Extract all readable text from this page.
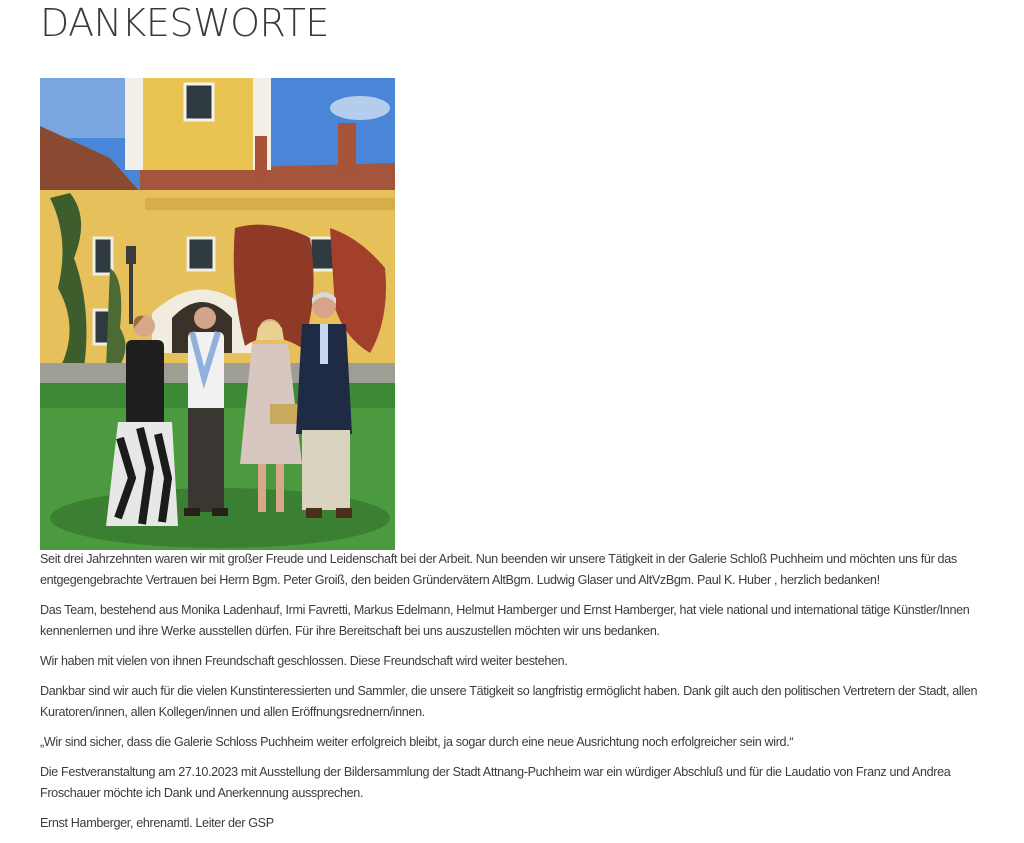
DANKESWORTE

Seit drei Jahrzehnten waren wir mit großer Freude und Leidenschaft bei der Arbeit. Nun beenden wir unsere Tätigkeit in der Galerie Schloß Puchheim und möchten uns für das entgegengebrachte Vertrauen bei Herrn Bgm. Peter Groiß, den beiden Gründervätern AltBgm. Ludwig Glaser und AltVzBgm. Paul K. Huber , herzlich bedanken!

Das Team, bestehend aus Monika Ladenhauf, Irmi Favretti, Markus Edelmann, Helmut Hamberger und Ernst Hamberger, hat viele national und international tätige Künstler/Innen kennenlernen und ihre Werke ausstellen dürfen. Für ihre Bereitschaft bei uns auszustellen möchten wir uns bedanken.

Wir haben mit vielen von ihnen Freundschaft geschlossen. Diese Freundschaft wird weiter bestehen.

Dankbar sind wir auch für die vielen Kunstinteressierten und Sammler, die unsere Tätigkeit so langfristig ermöglicht haben. Dank gilt auch den politischen Vertretern der Stadt, allen Kuratoren/innen, allen Kollegen/innen und allen Eröffnungsrednern/innen.

„Wir sind sicher, dass die Galerie Schloss Puchheim weiter erfolgreich bleibt, ja sogar durch eine neue Ausrichtung noch erfolgreicher sein wird.“

Die Festveranstaltung am 27.10.2023 mit Ausstellung der Bildersammlung der Stadt Attnang-Puchheim war ein würdiger Abschluß und für die Laudatio von Franz und Andrea Froschauer möchte ich Dank und Anerkennung aussprechen.

Ernst Hamberger, ehrenamtl. Leiter der GSP
